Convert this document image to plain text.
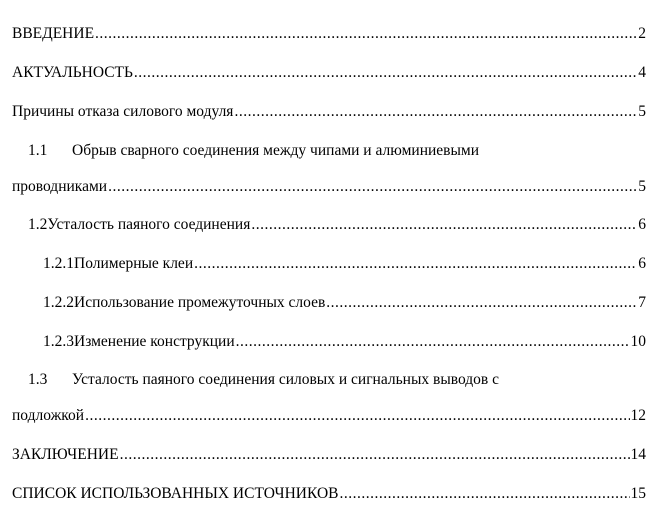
ВВЕДЕНИЕ .....	2
АКТУАЛЬНОСТЬ .....	4
Причины отказа силового модуля .....	5
1.1	Обрыв сварного соединения между чипами и алюминиевыми
проводниками .....	5
1.2 Усталость паяного соединения .....	6
1.2.1 Полимерные клеи .....	6
1.2.2 Использование промежуточных слоев .....	7
1.2.3 Изменение конструкции .....	10
1.3	Усталость паяного соединения силовых и сигнальных выводов с
подложкой .....	12
ЗАКЛЮЧЕНИЕ .....	14
СПИСОК ИСПОЛЬЗОВАННЫХ ИСТОЧНИКОВ .....	15
